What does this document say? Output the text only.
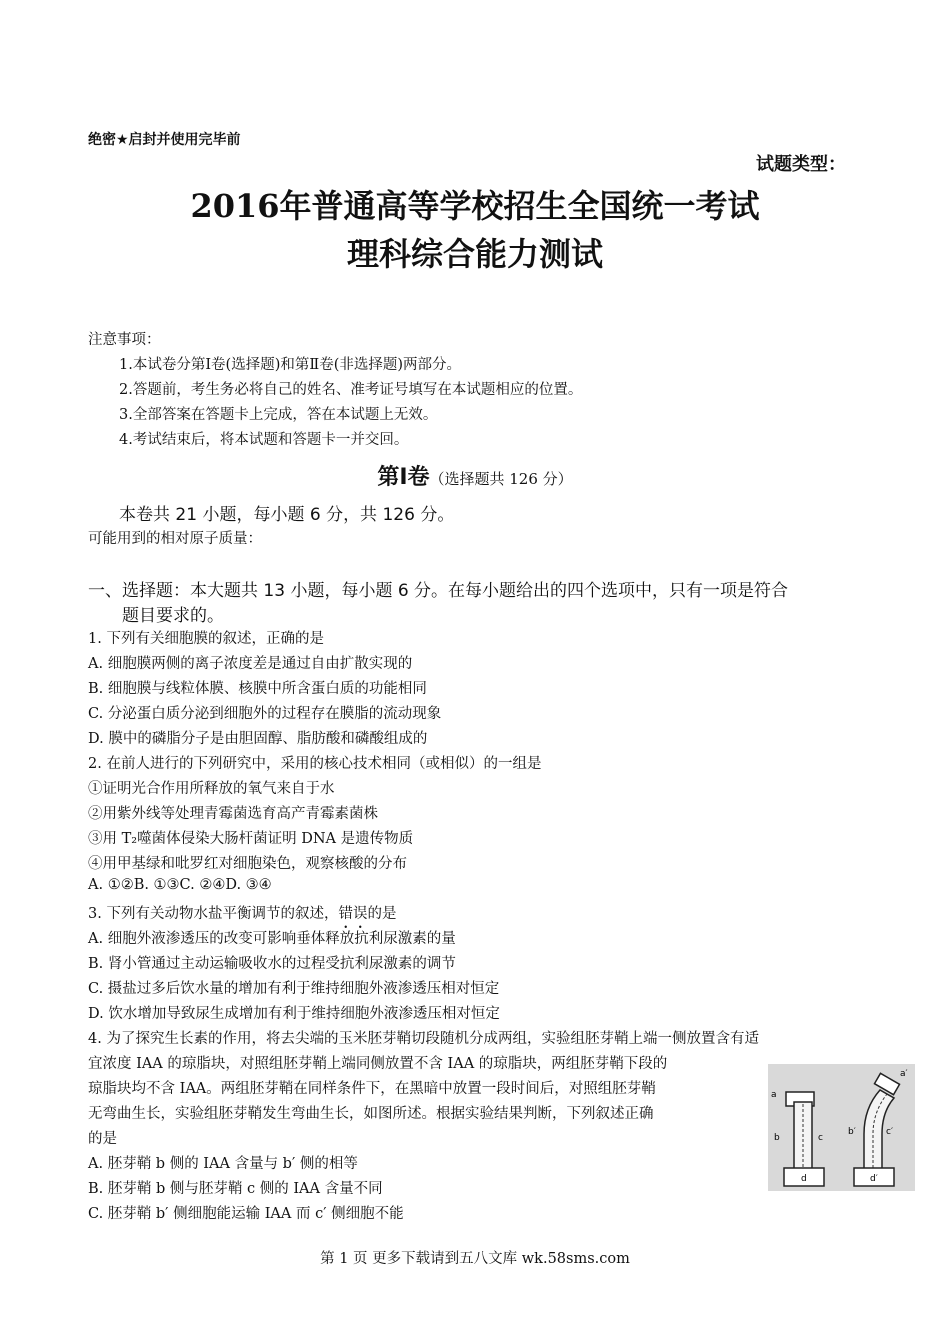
绝密★启封并使用完毕前
试题类型：
2016年普通高等学校招生全国统一考试
理科综合能力测试
注意事项：
1.本试卷分第Ⅰ卷(选择题)和第Ⅱ卷(非选择题)两部分。
2.答题前，考生务必将自己的姓名、准考证号填写在本试题相应的位置。
3.全部答案在答题卡上完成，答在本试题上无效。
4.考试结束后，将本试题和答题卡一并交回。
第Ⅰ卷（选择题共 126 分）
本卷共 21 小题，每小题 6 分，共 126 分。
可能用到的相对原子质量：
一、选择题：本大题共 13 小题，每小题 6 分。在每小题给出的四个选项中，只有一项是符合
题目要求的。
1. 下列有关细胞膜的叙述，正确的是
A. 细胞膜两侧的离子浓度差是通过自由扩散实现的
B. 细胞膜与线粒体膜、核膜中所含蛋白质的功能相同
C. 分泌蛋白质分泌到细胞外的过程存在膜脂的流动现象
D. 膜中的磷脂分子是由胆固醇、脂肪酸和磷酸组成的
2. 在前人进行的下列研究中，采用的核心技术相同（或相似）的一组是
①证明光合作用所释放的氧气来自于水
②用紫外线等处理青霉菌选育高产青霉素菌株
③用 T₂噬菌体侵染大肠杆菌证明 DNA 是遗传物质
④用甲基绿和吡罗红对细胞染色，观察核酸的分布
A. ①②B. ①③C. ②④D. ③④
3. 下列有关动物水盐平衡调节的叙述，错误的是
A. 细胞外液渗透压的改变可影响垂体释放抗利尿激素的量
B. 肾小管通过主动运输吸收水的过程受抗利尿激素的调节
C. 摄盐过多后饮水量的增加有利于维持细胞外液渗透压相对恒定
D. 饮水增加导致尿生成增加有利于维持细胞外液渗透压相对恒定
4. 为了探究生长素的作用，将去尖端的玉米胚芽鞘切段随机分成两组，实验组胚芽鞘上端一侧放置含有适
宜浓度 IAA 的琼脂块，对照组胚芽鞘上端同侧放置不含 IAA 的琼脂块，两组胚芽鞘下段的
琼脂块均不含 IAA。两组胚芽鞘在同样条件下，在黑暗中放置一段时间后，对照组胚芽鞘
无弯曲生长，实验组胚芽鞘发生弯曲生长，如图所述。根据实验结果判断，下列叙述正确
的是
A. 胚芽鞘 b 侧的 IAA 含量与 b′ 侧的相等
B. 胚芽鞘 b 侧与胚芽鞘 c 侧的 IAA 含量不同
C. 胚芽鞘 b′ 侧细胞能运输 IAA 而 c′ 侧细胞不能
a
b	c
d
a′
b′	c′
d′
第 1 页 更多下载请到五八文库 wk.58sms.com
